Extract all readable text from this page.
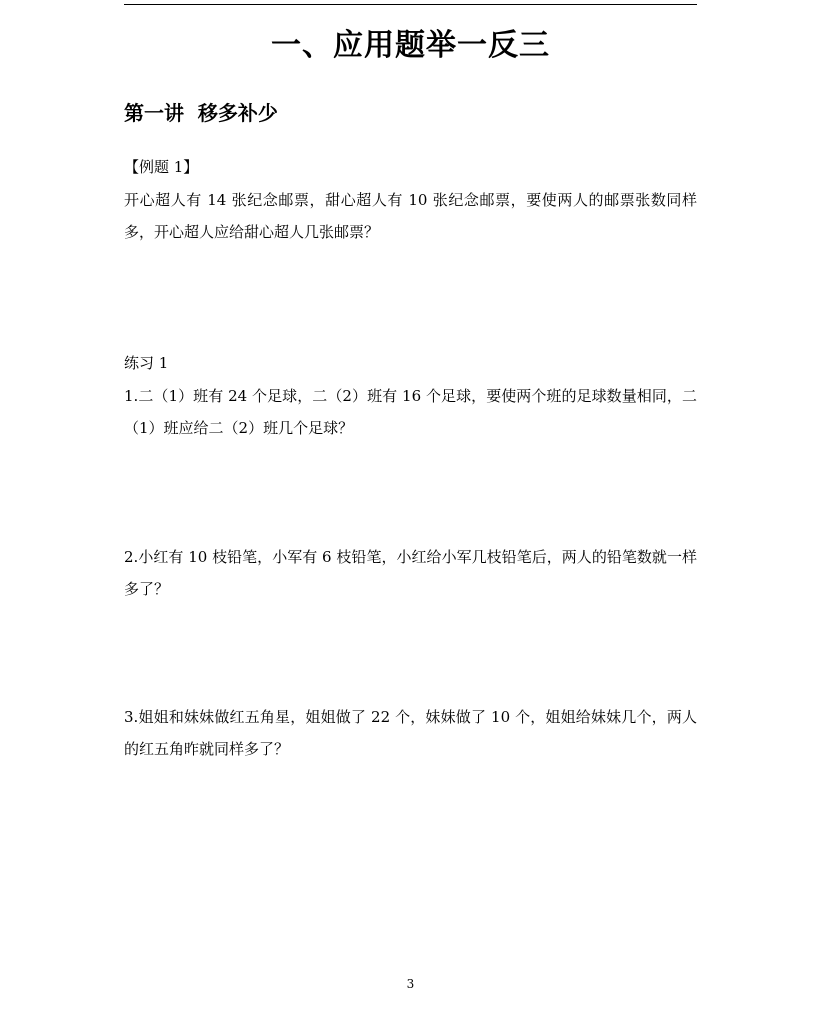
一、应用题举一反三
第一讲  移多补少
【例题 1】
开心超人有 14 张纪念邮票，甜心超人有 10 张纪念邮票，要使两人的邮票张数同样多，开心超人应给甜心超人几张邮票？
练习 1
1.二（1）班有 24 个足球，二（2）班有 16 个足球，要使两个班的足球数量相同，二（1）班应给二（2）班几个足球？
2.小红有 10 枝铅笔，小军有 6 枝铅笔，小红给小军几枝铅笔后，两人的铅笔数就一样多了？
3.姐姐和妹妹做红五角星，姐姐做了 22 个，妹妹做了 10 个，姐姐给妹妹几个，两人的红五角昨就同样多了？
3
